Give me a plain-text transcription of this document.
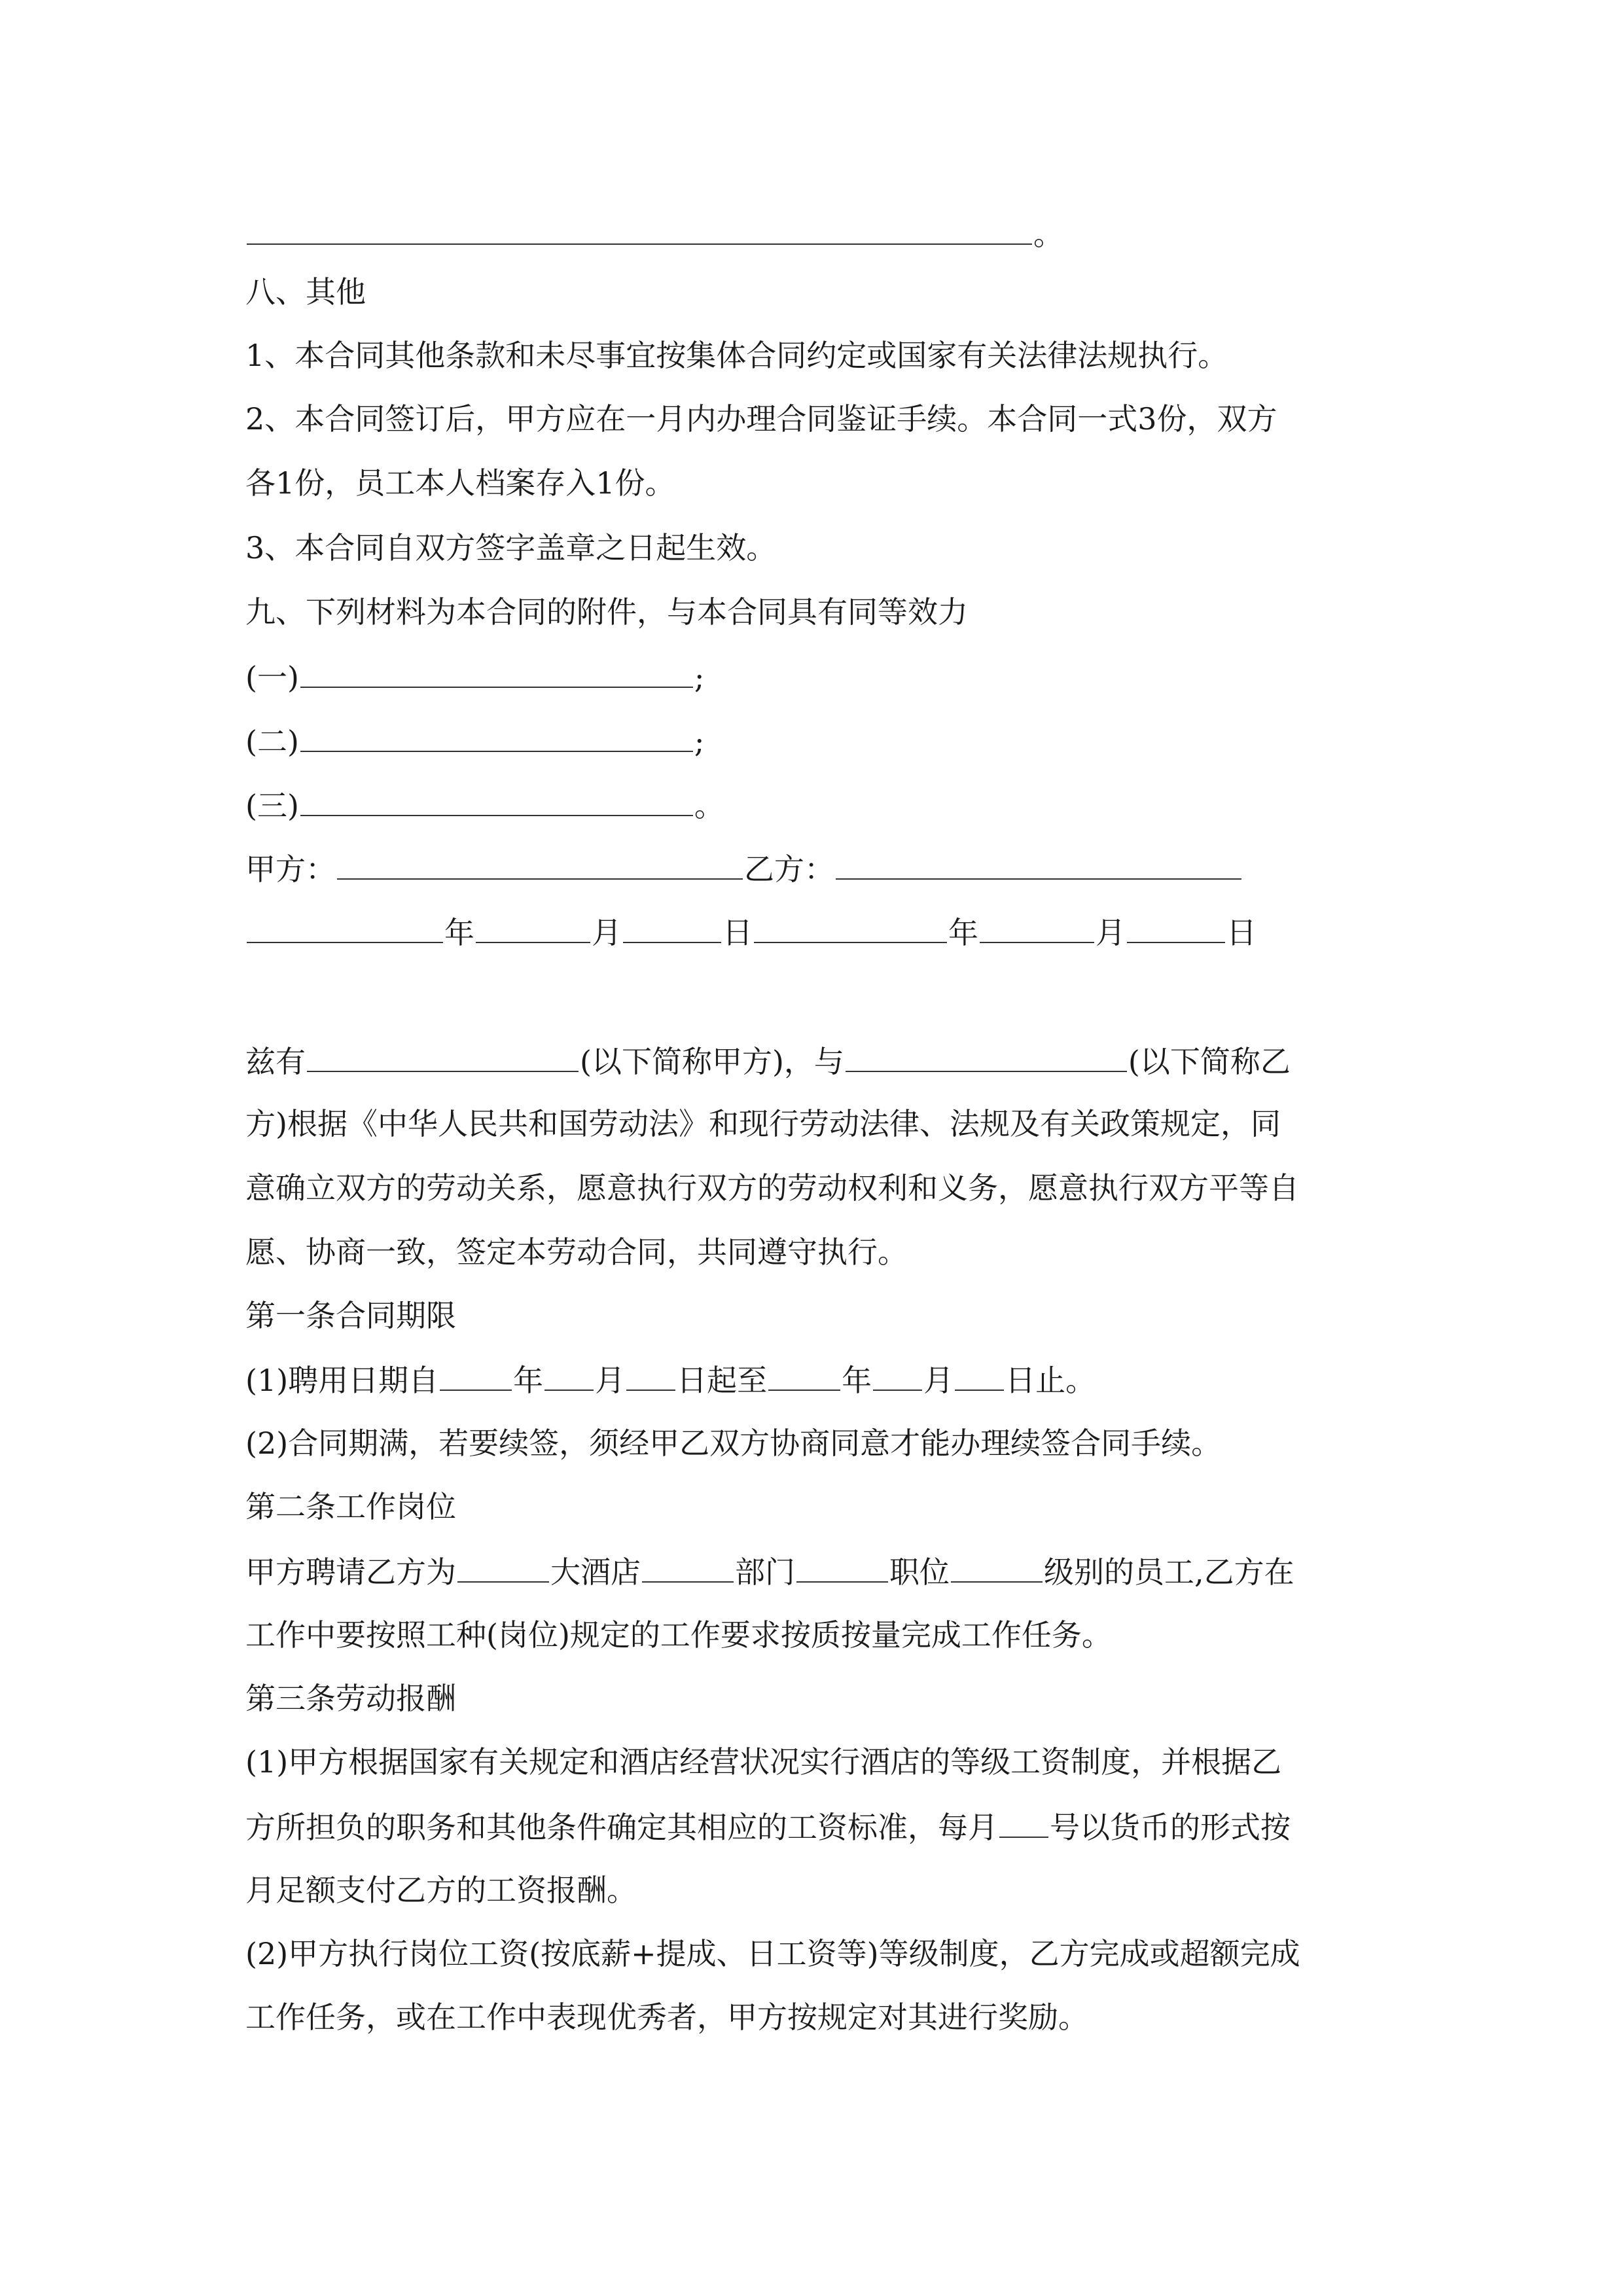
。
八、其他
1、本合同其他条款和未尽事宜按集体合同约定或国家有关法律法规执行。
2、本合同签订后，甲方应在一月内办理合同鉴证手续。本合同一式3份，双方
各1份，员工本人档案存入1份。
3、本合同自双方签字盖章之日起生效。
九、下列材料为本合同的附件，与本合同具有同等效力
(一)	;
(二)	;
(三)	。
甲方：	乙方：
年	月	日	年	月	日
兹有	(以下简称甲方)，与	(以下简称乙
方)根据《中华人民共和国劳动法》和现行劳动法律、法规及有关政策规定，同
意确立双方的劳动关系，愿意执行双方的劳动权利和义务，愿意执行双方平等自
愿、协商一致，签定本劳动合同，共同遵守执行。
第一条合同期限
(1)聘用日期自 年 月 日起至 年 月 日止。
(2)合同期满，若要续签，须经甲乙双方协商同意才能办理续签合同手续。
第二条工作岗位
甲方聘请乙方为	大酒店	部门	职位	级别的员工,乙方在
工作中要按照工种(岗位)规定的工作要求按质按量完成工作任务。
第三条劳动报酬
(1)甲方根据国家有关规定和酒店经营状况实行酒店的等级工资制度，并根据乙
方所担负的职务和其他条件确定其相应的工资标准，每月 号以货币的形式按
月足额支付乙方的工资报酬。
(2)甲方执行岗位工资(按底薪+提成、日工资等)等级制度，乙方完成或超额完成
工作任务，或在工作中表现优秀者，甲方按规定对其进行奖励。
